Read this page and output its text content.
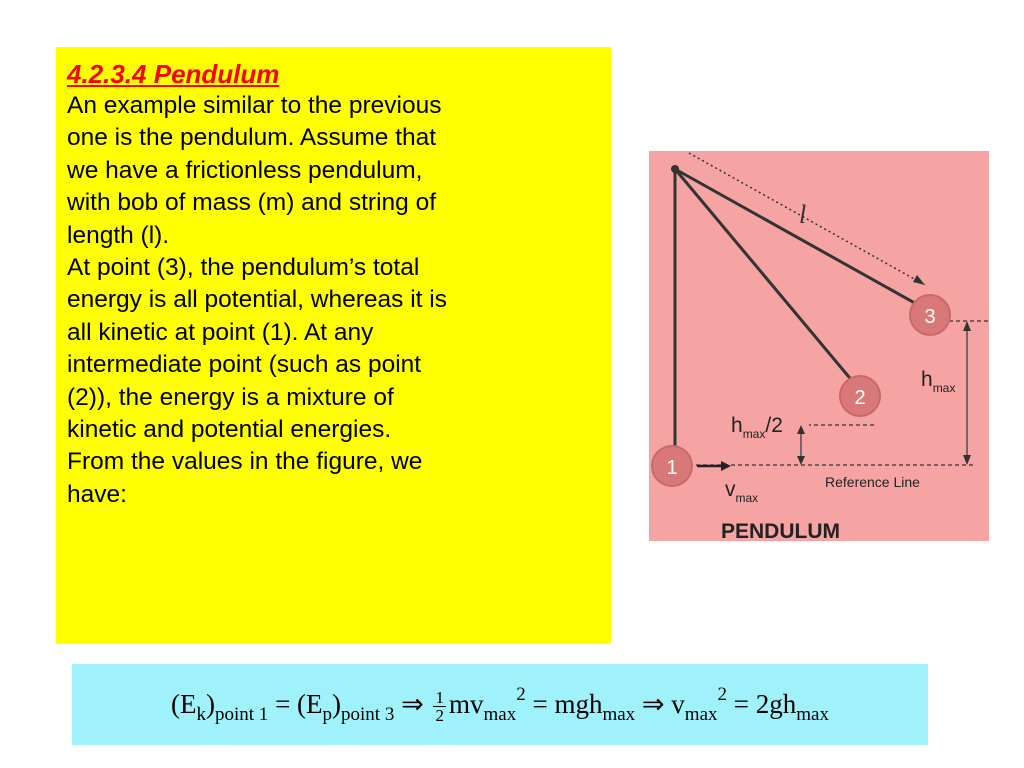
4.2.3.4 Pendulum
An example similar to the previous
one is the pendulum. Assume that
we have a frictionless pendulum,
with bob of mass (m) and string of
length (l).
At point (3), the pendulum’s total
energy is all potential, whereas it is
all kinetic at point (1). At any
intermediate point (such as point
(2)), the energy is a mixture of
kinetic and potential energies.
From the values in the figure, we
have:
l
1
2
3
$h_{max}$
$h_{max}/2$
$v_{max}$
Reference Line
PENDULUM
$(E_k)_{point 1} = (E_p)_{point 3}$ ⇒ $\frac{1}{2} mv_{max}^2 = mgh_{max}$ ⇒ $v_{max}^2 = 2gh_{max}$
